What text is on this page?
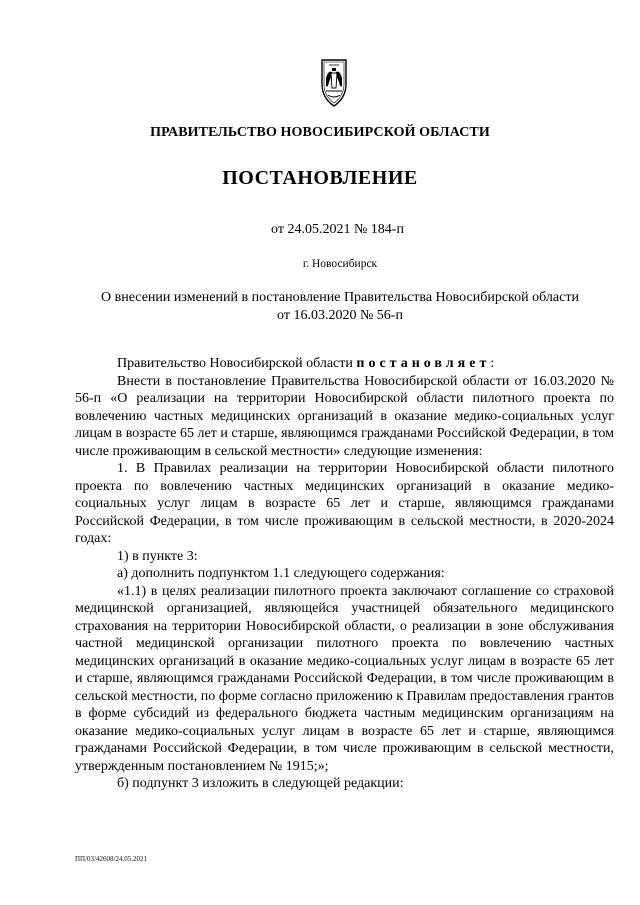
ПРАВИТЕЛЬСТВО НОВОСИБИРСКОЙ ОБЛАСТИ
ПОСТАНОВЛЕНИЕ
от 24.05.2021 № 184-п
г. Новосибирск
О внесении изменений в постановление Правительства Новосибирской области
от 16.03.2020 № 56-п

Правительство Новосибирской области постановляет:

Внести в постановление Правительства Новосибирской области от 16.03.2020 № 56-п «О реализации на территории Новосибирской области пилотного проекта по вовлечению частных медицинских организаций в оказание медико-социальных услуг лицам в возрасте 65 лет и старше, являющимся гражданами Российской Федерации, в том числе проживающим в сельской местности» следующие изменения:

1. В Правилах реализации на территории Новосибирской области пилотного проекта по вовлечению частных медицинских организаций в оказание медико-социальных услуг лицам в возрасте 65 лет и старше, являющимся гражданами Российской Федерации, в том числе проживающим в сельской местности, в 2020-2024 годах:

1) в пункте 3:

а) дополнить подпунктом 1.1 следующего содержания:

«1.1) в целях реализации пилотного проекта заключают соглашение со страховой медицинской организацией, являющейся участницей обязательного медицинского страхования на территории Новосибирской области, о реализации в зоне обслуживания частной медицинской организации пилотного проекта по вовлечению частных медицинских организаций в оказание медико-социальных услуг лицам в возрасте 65 лет и старше, являющимся гражданами Российской Федерации, в том числе проживающим в сельской местности, по форме согласно приложению к Правилам предоставления грантов в форме субсидий из федерального бюджета частным медицинским организациям на оказание медико-социальных услуг лицам в возрасте 65 лет и старше, являющимся гражданами Российской Федерации, в том числе проживающим в сельской местности, утвержденным постановлением № 1915;»;

б) подпункт 3 изложить в следующей редакции:

ПП/03/42608/24.05.2021
